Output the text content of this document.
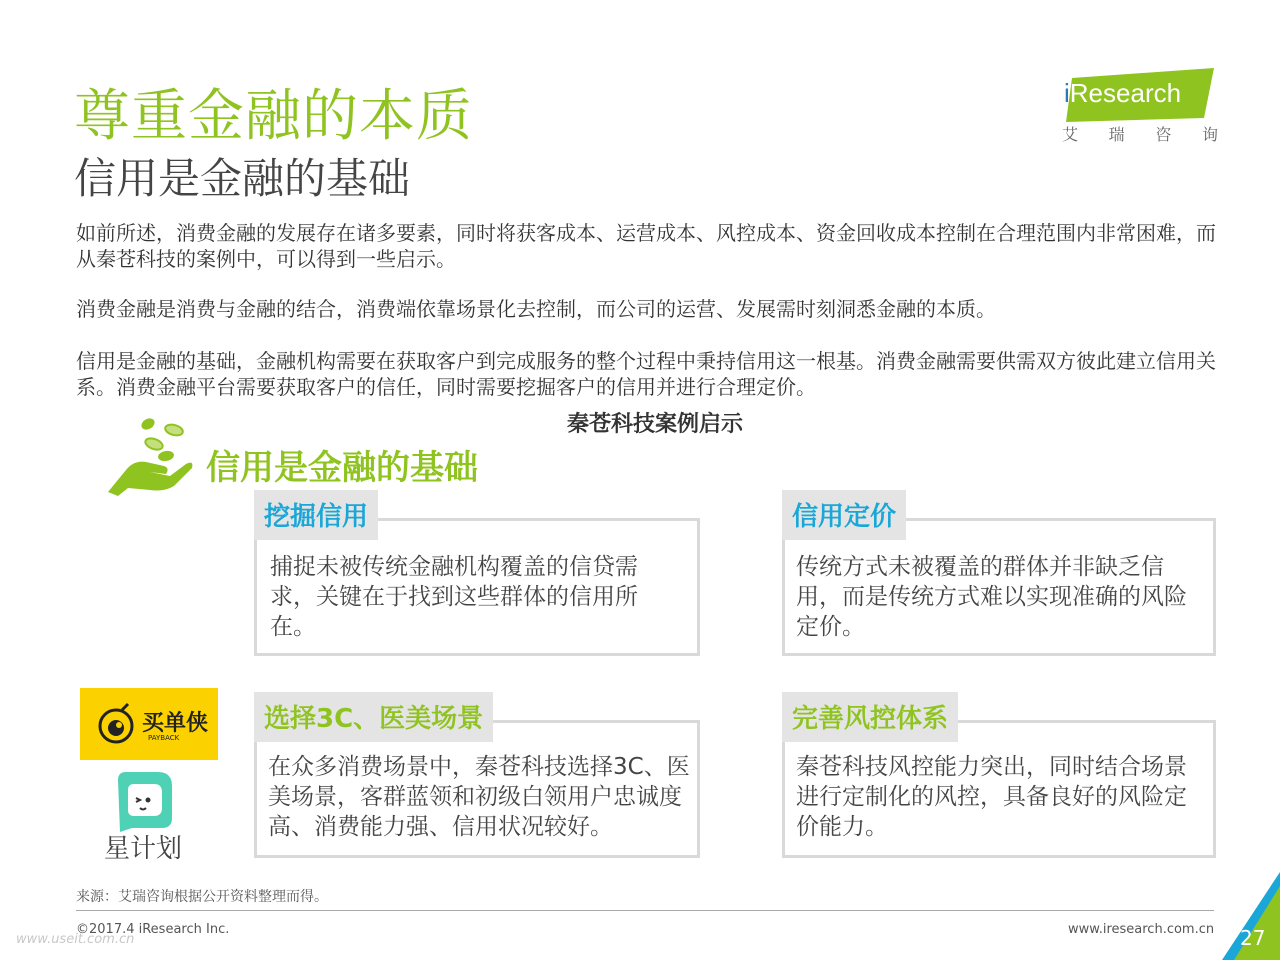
尊重金融的本质
信用是金融的基础
iResearch
艾 瑞 咨 询
如前所述，消费金融的发展存在诸多要素，同时将获客成本、运营成本、风控成本、资金回收成本控制在合理范围内非常困难，而从秦苍科技的案例中，可以得到一些启示。
消费金融是消费与金融的结合，消费端依靠场景化去控制，而公司的运营、发展需时刻洞悉金融的本质。
信用是金融的基础，金融机构需要在获取客户到完成服务的整个过程中秉持信用这一根基。消费金融需要供需双方彼此建立信用关系。消费金融平台需要获取客户的信任，同时需要挖掘客户的信用并进行合理定价。
秦苍科技案例启示
信用是金融的基础
挖掘信用
捕捉未被传统金融机构覆盖的信贷需求，关键在于找到这些群体的信用所在。
信用定价
传统方式未被覆盖的群体并非缺乏信用，而是传统方式难以实现准确的风险定价。
选择3C、医美场景
在众多消费场景中，秦苍科技选择3C、医美场景，客群蓝领和初级白领用户忠诚度高、消费能力强、信用状况较好。
完善风控体系
秦苍科技风控能力突出，同时结合场景进行定制化的风控，具备良好的风险定价能力。
买单侠
PAYBACK
星计划
来源：艾瑞咨询根据公开资料整理而得。
©2017.4 iResearch Inc.
www.useit.com.cn
www.iresearch.com.cn 27
